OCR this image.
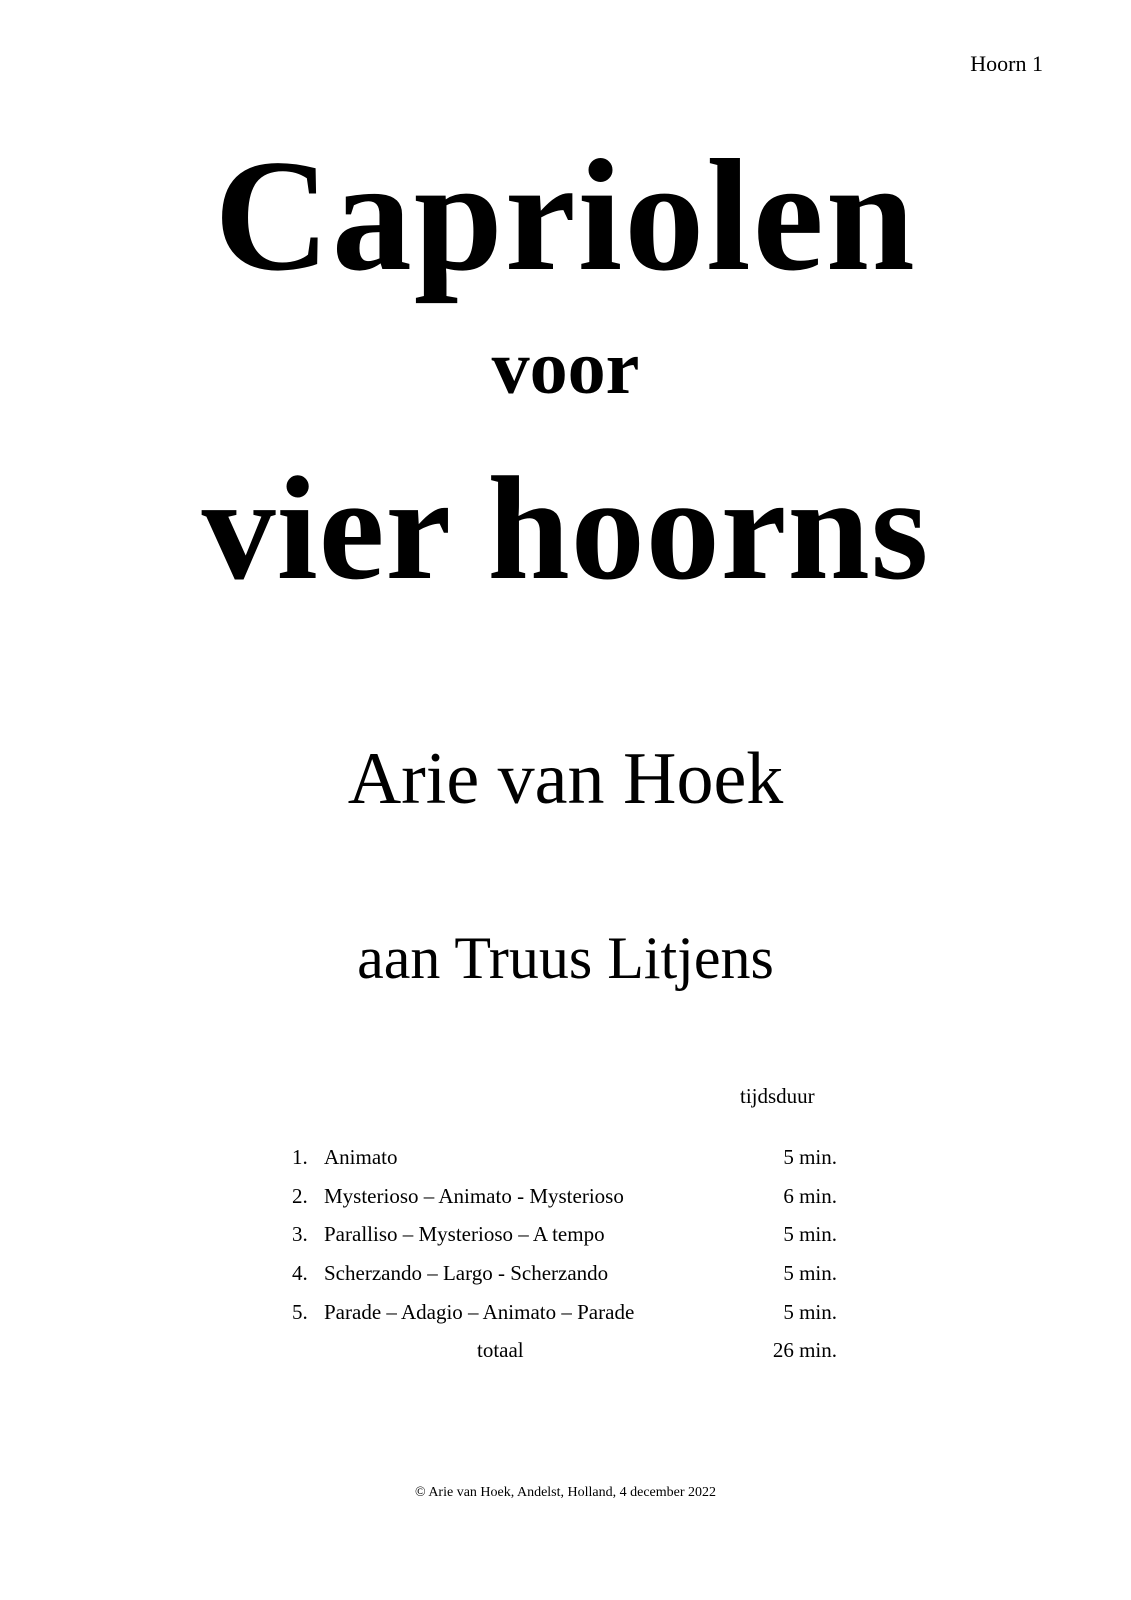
Hoorn 1
Capriolen
voor
vier hoorns
Arie van Hoek
aan Truus Litjens
tijdsduur
1. Animato	5 min.
2. Mysterioso – Animato - Mysterioso	6 min.
3. Paralliso – Mysterioso – A tempo	5 min.
4. Scherzando – Largo - Scherzando	5 min.
5. Parade – Adagio – Animato – Parade	5 min.
totaal	26 min.
© Arie van Hoek, Andelst, Holland, 4 december 2022
